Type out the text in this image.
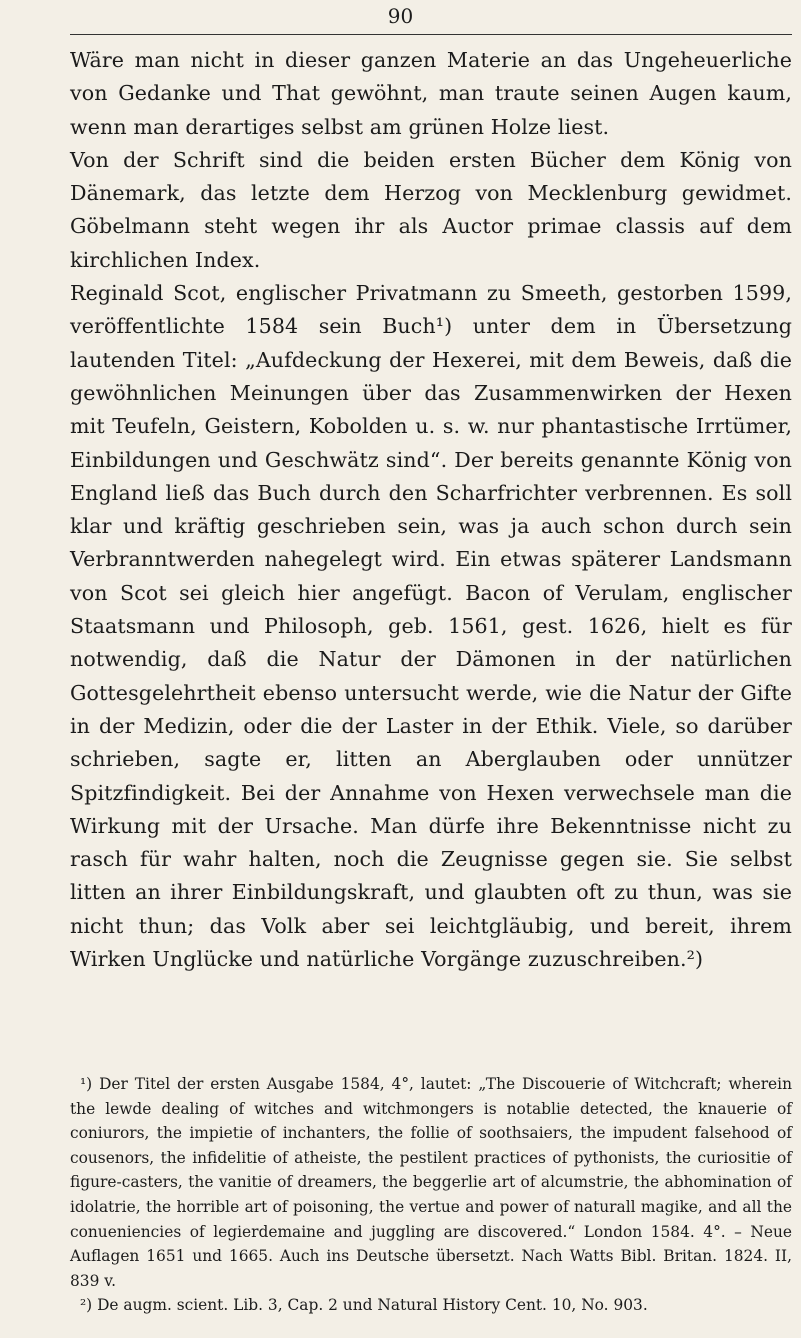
90

Wäre man nicht in dieser ganzen Materie an das Ungeheuerliche von Gedanke und That gewöhnt, man traute seinen Augen kaum, wenn man derartiges selbst am grünen Holze liest.

Von der Schrift sind die beiden ersten Bücher dem König von Dänemark, das letzte dem Herzog von Mecklenburg gewidmet. Göbelmann steht wegen ihr als Auctor primae classis auf dem kirchlichen Index.

Reginald Scot, englischer Privatmann zu Smeeth, gestorben 1599, veröffentlichte 1584 sein Buch¹) unter dem in Übersetzung lautenden Titel: „Aufdeckung der Hexerei, mit dem Beweis, daß die gewöhnlichen Meinungen über das Zusammenwirken der Hexen mit Teufeln, Geistern, Kobolden u. s. w. nur phantastische Irrtümer, Einbildungen und Geschwätz sind“. Der bereits genannte König von England ließ das Buch durch den Scharfrichter verbrennen. Es soll klar und kräftig geschrieben sein, was ja auch schon durch sein Verbranntwerden nahegelegt wird. Ein etwas späterer Landsmann von Scot sei gleich hier angefügt. Bacon of Verulam, englischer Staatsmann und Philosoph, geb. 1561, gest. 1626, hielt es für notwendig, daß die Natur der Dämonen in der natürlichen Gottesgelehrtheit ebenso untersucht werde, wie die Natur der Gifte in der Medizin, oder die der Laster in der Ethik. Viele, so darüber schrieben, sagte er, litten an Aberglauben oder unnützer Spitzfindigkeit. Bei der Annahme von Hexen verwechsele man die Wirkung mit der Ursache. Man dürfe ihre Bekenntnisse nicht zu rasch für wahr halten, noch die Zeugnisse gegen sie. Sie selbst litten an ihrer Einbildungskraft, und glaubten oft zu thun, was sie nicht thun; das Volk aber sei leichtgläubig, und bereit, ihrem Wirken Unglücke und natürliche Vorgänge zuzuschreiben.²)

¹) Der Titel der ersten Ausgabe 1584, 4°, lautet: „The Discouerie of Witchcraft; wherein the lewde dealing of witches and witchmongers is notablie detected, the knauerie of coniurors, the impietie of inchanters, the follie of soothsaiers, the impudent falsehood of cousenors, the infidelitie of atheiste, the pestilent practices of pythonists, the curiositie of figure-casters, the vanitie of dreamers, the beggerlie art of alcumstrie, the abhomination of idolatrie, the horrible art of poisoning, the vertue and power of naturall magike, and all the conueniencies of legierdemaine and juggling are discovered.“ London 1584. 4°. – Neue Auflagen 1651 und 1665. Auch ins Deutsche übersetzt. Nach Watts Bibl. Britan. 1824. II, 839 v.

²) De augm. scient. Lib. 3, Cap. 2 und Natural History Cent. 10, No. 903.
